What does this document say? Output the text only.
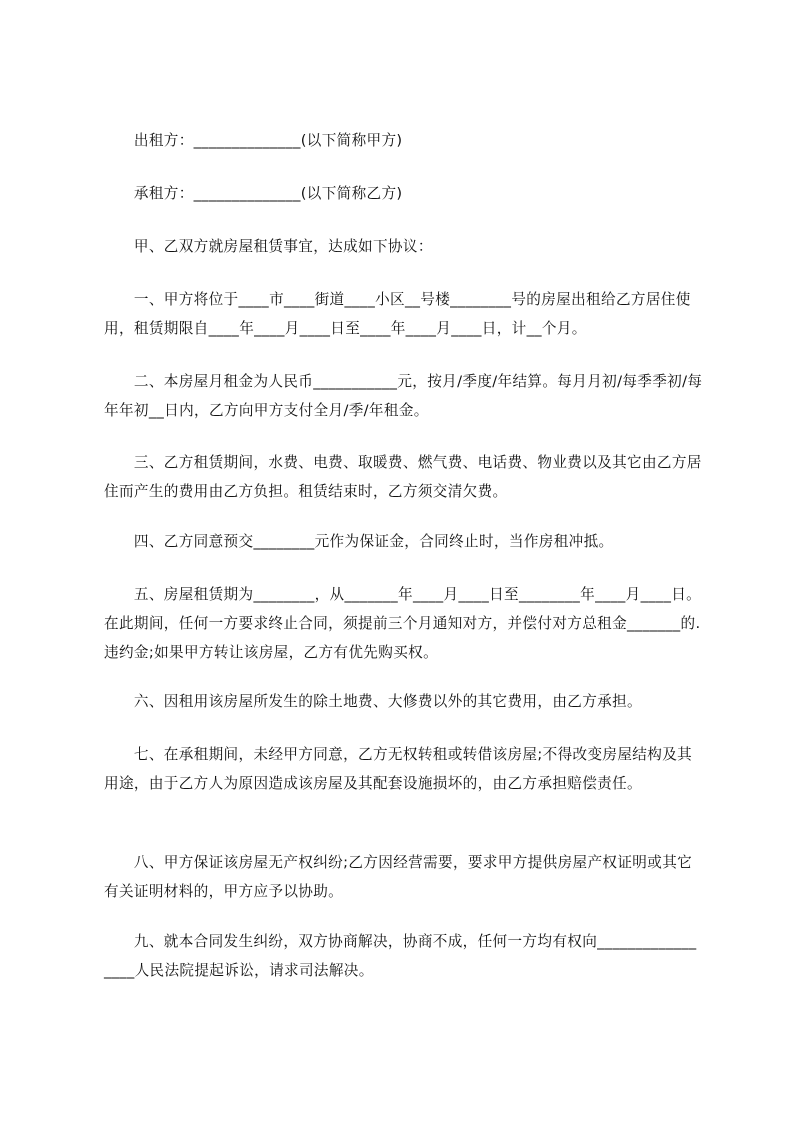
　　出租方：______________(以下简称甲方)

　　承租方：______________(以下简称乙方)

　　甲、乙双方就房屋租赁事宜，达成如下协议：

　　一、甲方将位于____市____街道____小区__号楼________号的房屋出租给乙方居住使用，租赁期限自____年____月____日至____年____月____日，计__个月。

　　二、本房屋月租金为人民币___________元，按月/季度/年结算。每月月初/每季季初/每年年初__日内，乙方向甲方支付全月/季/年租金。

　　三、乙方租赁期间，水费、电费、取暖费、燃气费、电话费、物业费以及其它由乙方居住而产生的费用由乙方负担。租赁结束时，乙方须交清欠费。

　　四、乙方同意预交________元作为保证金，合同终止时，当作房租冲抵。

　　五、房屋租赁期为________，从_______年____月____日至________年____月____日。在此期间，任何一方要求终止合同，须提前三个月通知对方，并偿付对方总租金_______的.违约金;如果甲方转让该房屋，乙方有优先购买权。

　　六、因租用该房屋所发生的除土地费、大修费以外的其它费用，由乙方承担。

　　七、在承租期间，未经甲方同意，乙方无权转租或转借该房屋;不得改变房屋结构及其用途，由于乙方人为原因造成该房屋及其配套设施损坏的，由乙方承担赔偿责任。

　　八、甲方保证该房屋无产权纠纷;乙方因经营需要，要求甲方提供房屋产权证明或其它有关证明材料的，甲方应予以协助。

　　九、就本合同发生纠纷，双方协商解决，协商不成，任何一方均有权向_________________人民法院提起诉讼，请求司法解决。
